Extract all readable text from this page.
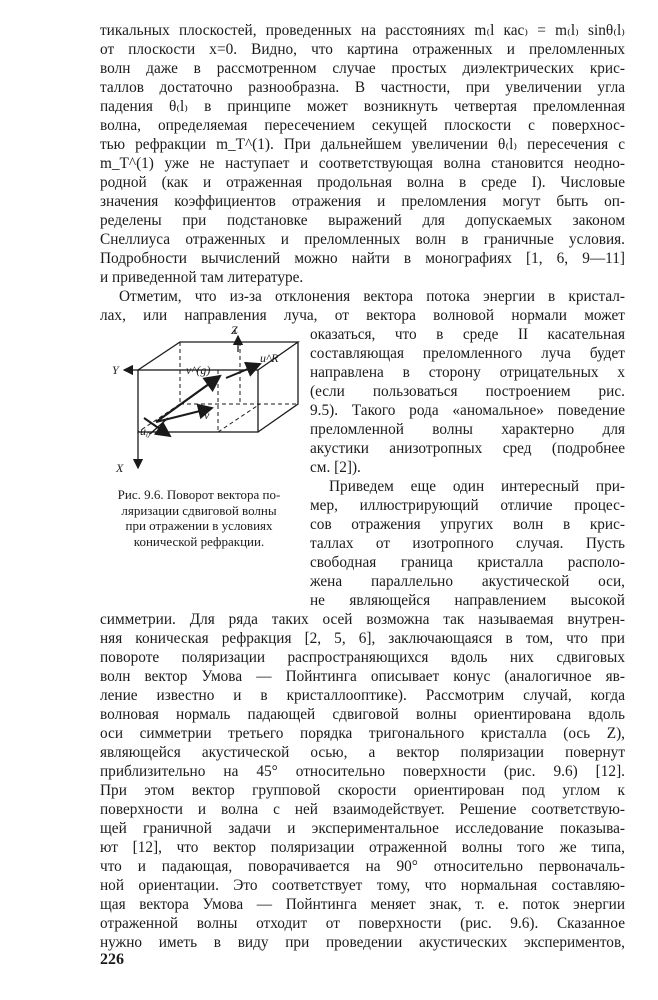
тикальных плоскостей, проведенных на расстояниях m₍l кас₎ = m₍l₎ sinθ₍l₎
от плоскости x=0. Видно, что картина отраженных и преломленных
волн даже в рассмотренном случае простых диэлектрических крис-
таллов достаточно разнообразна. В частности, при увеличении угла
падения θ₍l₎ в принципе может возникнуть четвертая преломленная
волна, определяемая пересечением секущей плоскости с поверхнос-
тью рефракции m_T^(1). При дальнейшем увеличении θ₍l₎ пересечения с
m_T^(1) уже не наступает и соответствующая волна становится неодно-
родной (как и отраженная продольная волна в среде I). Числовые
значения коэффициентов отражения и преломления могут быть оп-
ределены при подстановке выражений для допускаемых законом
Снеллиуса отраженных и преломленных волн в граничные условия.
Подробности вычислений можно найти в монографиях [1, 6, 9—11]
и приведенной там литературе.
Отметим, что из-за отклонения вектора потока энергии в кристал-
лах, или направления луча, от вектора волновой нормали может
оказаться, что в среде II касательная
составляющая преломленного луча будет
направлена в сторону отрицательных x
(если пользоваться построением рис.
9.5). Такого рода «аномальное» поведение
преломленной волны характерно для
акустики анизотропных сред (подробнее
см. [2]).
Приведем еще один интересный при-
мер, иллюстрирующий отличие процес-
сов отражения упругих волн в крис-
таллах от изотропного случая. Пусть
свободная граница кристалла располо-
жена параллельно акустической оси,
не являющейся направлением высокой
симметрии. Для ряда таких осей возможна так называемая внутрен-
няя коническая рефракция [2, 5, 6], заключающаяся в том, что при
повороте поляризации распространяющихся вдоль них сдвиговых
волн вектор Умова — Пойнтинга описывает конус (аналогичное яв-
ление известно и в кристаллооптике). Рассмотрим случай, когда
волновая нормаль падающей сдвиговой волны ориентирована вдоль
оси симметрии третьего порядка тригонального кристалла (ось Z),
являющейся акустической осью, а вектор поляризации повернут
приблизительно на 45° относительно поверхности (рис. 9.6) [12].
При этом вектор групповой скорости ориентирован под углом к
поверхности и волна с ней взаимодействует. Решение соответствую-
щей граничной задачи и экспериментальное исследование показыва-
ют [12], что вектор поляризации отраженной волны того же типа,
что и падающая, поворачивается на 90° относительно первоначаль-
ной ориентации. Это соответствует тому, что нормальная составляю-
щая вектора Умова — Пойнтинга меняет знак, т. е. поток энергии
отраженной волны отходит от поверхности (рис. 9.6). Сказанное
нужно иметь в виду при проведении акустических экспериментов,
Z
Y
X
v^(g)
u^R
v
u₀
Рис. 9.6. Поворот вектора по-
ляризации сдвиговой волны
при отражении в условиях
конической рефракции.
226
